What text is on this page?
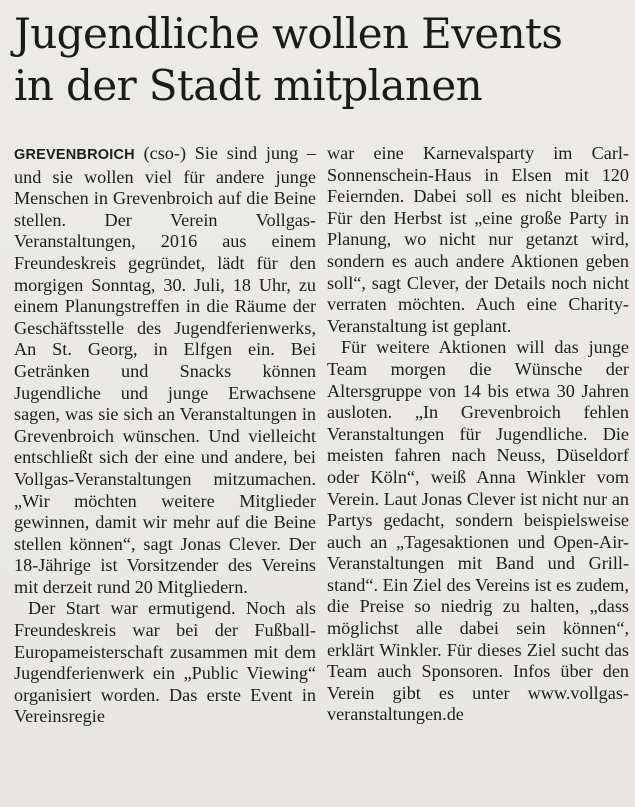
Jugendliche wollen Events
in der Stadt mitplanen

GREVENBROICH (cso-) Sie sind jung – und sie wollen viel für andere junge Menschen in Grevenbroich auf die Beine stellen. Der Verein Vollgas-Veranstaltungen, 2016 aus einem Freundeskreis gegründet, lädt für den morgigen Sonntag, 30. Juli, 18 Uhr, zu einem Planungstreffen in die Räume der Geschäftsstelle des Jugendferienwerks, An St. Georg, in Elfgen ein. Bei Getränken und Snacks können Jugendliche und junge Erwachsene sagen, was sie sich an Veranstaltungen in Grevenbroich wünschen. Und vielleicht entschließt sich der eine und andere, bei Vollgas-Veranstaltungen mitzumachen. „Wir möchten weitere Mitglieder gewinnen, damit wir mehr auf die Beine stellen können“, sagt Jonas Clever. Der 18-Jährige ist Vorsitzender des Vereins mit derzeit rund 20 Mitgliedern.

Der Start war ermutigend. Noch als Freundeskreis war bei der Fußball-Europameisterschaft zusammen mit dem Jugendferienwerk ein „Public Viewing“ organisiert worden. Das erste Event in Vereinsregie

war eine Karnevalsparty im Carl-Sonnenschein-Haus in Elsen mit 120 Feiernden. Dabei soll es nicht bleiben. Für den Herbst ist „eine große Party in Planung, wo nicht nur getanzt wird, sondern es auch andere Aktionen geben soll“, sagt Clever, der Details noch nicht verraten möchten. Auch eine Charity-Veranstaltung ist geplant.

Für weitere Aktionen will das junge Team morgen die Wünsche der Altersgruppe von 14 bis etwa 30 Jahren ausloten. „In Grevenbroich fehlen Veranstaltungen für Jugendliche. Die meisten fahren nach Neuss, Düseldorf oder Köln“, weiß Anna Winkler vom Verein. Laut Jonas Clever ist nicht nur an Partys gedacht, sondern beispielsweise auch an „Tagesaktionen und Open-Air-Veranstaltungen mit Band und Grillstand“. Ein Ziel des Vereins ist es zudem, die Preise so niedrig zu halten, „dass möglichst alle dabei sein können“, erklärt Winkler. Für dieses Ziel sucht das Team auch Sponsoren. Infos über den Verein gibt es unter www.vollgas-veranstaltungen.de
